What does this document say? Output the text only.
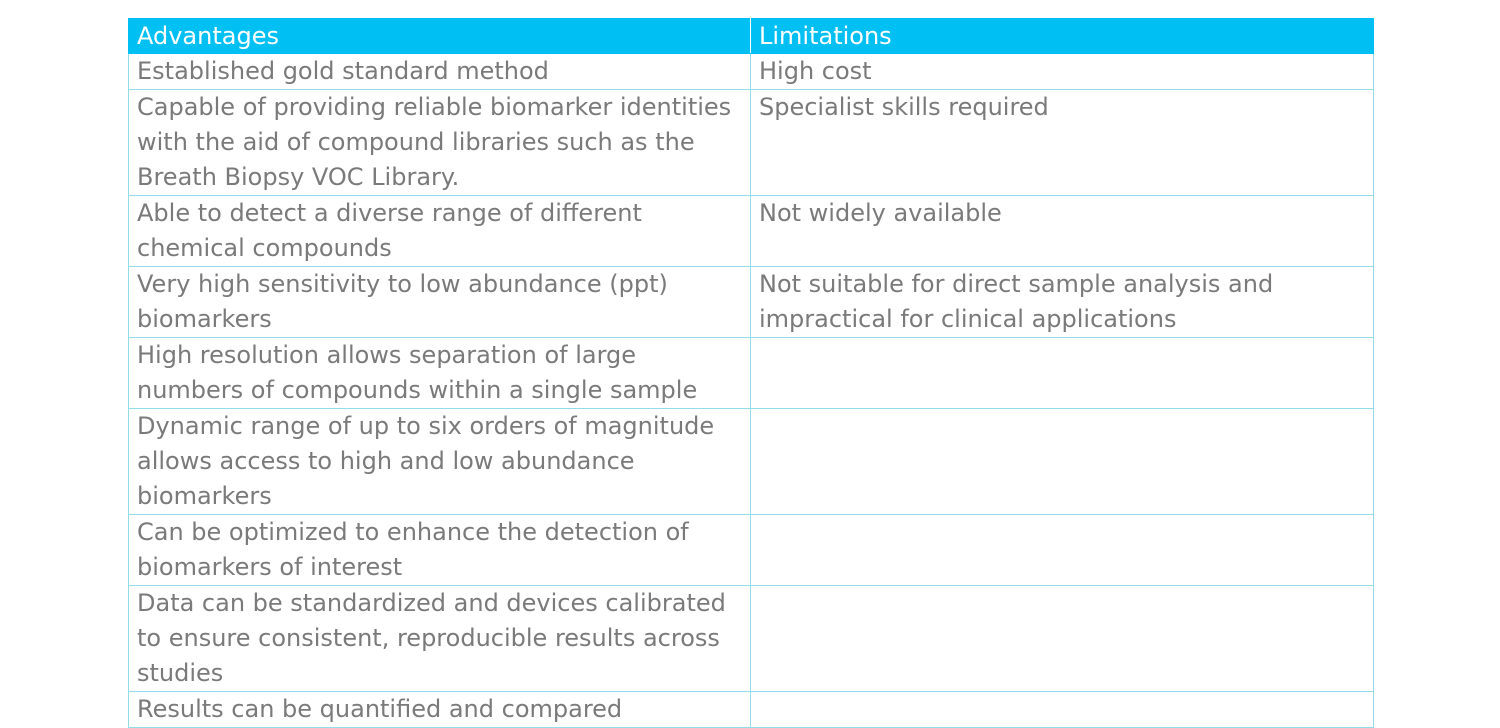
Advantages	Limitations
Established gold standard method	High cost
Capable of providing reliable biomarker identities with the aid of compound libraries such as the Breath Biopsy VOC Library.	Specialist skills required
Able to detect a diverse range of different chemical compounds	Not widely available
Very high sensitivity to low abundance (ppt) biomarkers	Not suitable for direct sample analysis and impractical for clinical applications
High resolution allows separation of large numbers of compounds within a single sample	
Dynamic range of up to six orders of magnitude allows access to high and low abundance biomarkers	
Can be optimized to enhance the detection of biomarkers of interest	
Data can be standardized and devices calibrated to ensure consistent, reproducible results across studies	
Results can be quantified and compared	
